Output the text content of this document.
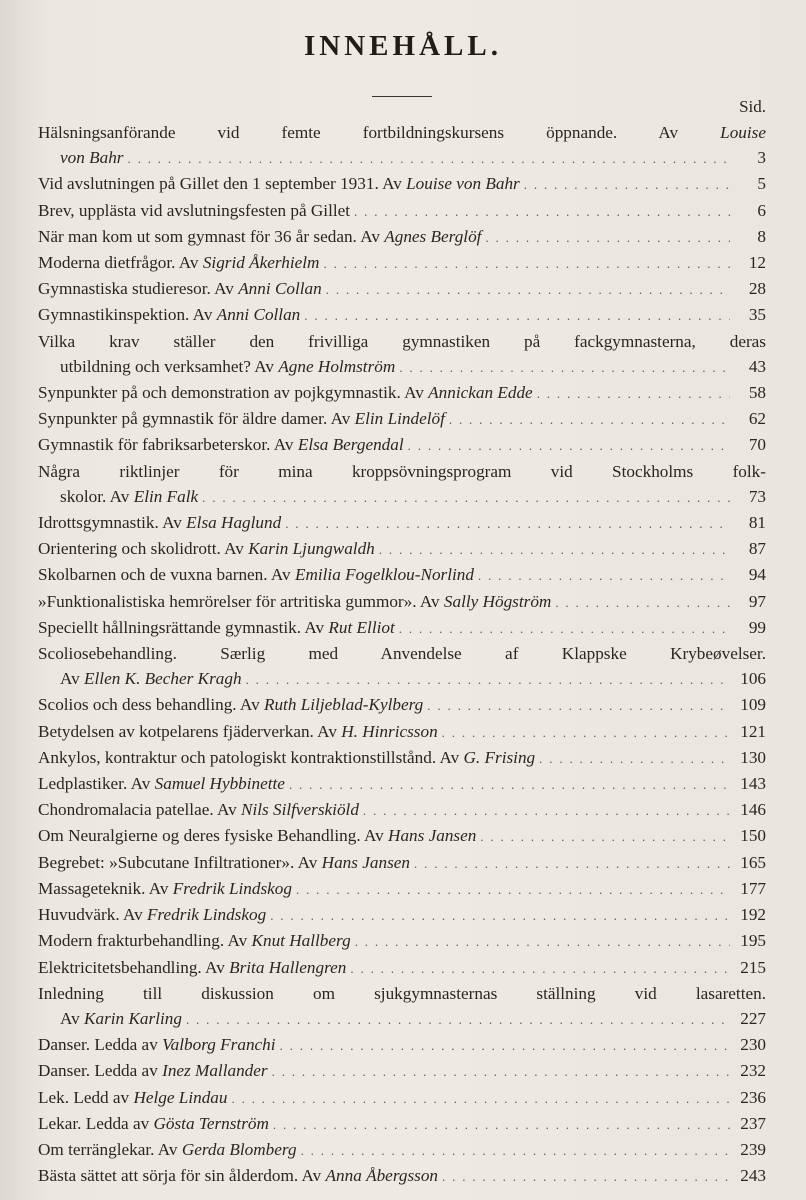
INNEHÅLL.
Sid.
Hälsningsanförande vid femte fortbildningskursens öppnande. Av Louise
von Bahr . . .	3
Vid avslutningen på Gillet den 1 september 1931. Av Louise von Bahr . . .	5
Brev, upplästa vid avslutningsfesten på Gillet . . .	6
När man kom ut som gymnast för 36 år sedan. Av Agnes Berglöf . . .	8
Moderna dietfrågor. Av Sigrid Åkerhielm . . .	12
Gymnastiska studieresor. Av Anni Collan . . .	28
Gymnastikinspektion. Av Anni Collan . . .	35
Vilka krav ställer den frivilliga gymnastiken på fackgymnasterna, deras
utbildning och verksamhet? Av Agne Holmström . . .	43
Synpunkter på och demonstration av pojkgymnastik. Av Annickan Edde . . .	58
Synpunkter på gymnastik för äldre damer. Av Elin Lindelöf . . .	62
Gymnastik för fabriksarbeterskor. Av Elsa Bergendal . . .	70
Några riktlinjer för mina kroppsövningsprogram vid Stockholms folk-
skolor. Av Elin Falk . . .	73
Idrottsgymnastik. Av Elsa Haglund . . .	81
Orientering och skolidrott. Av Karin Ljungwaldh . . .	87
Skolbarnen och de vuxna barnen. Av Emilia Fogelklou-Norlind . . .	94
»Funktionalistiska hemrörelser för artritiska gummor». Av Sally Högström . . .	97
Speciellt hållningsrättande gymnastik. Av Rut Elliot . . .	99
Scoliosebehandling. Særlig med Anvendelse af Klappske Krybeøvelser.
Av Ellen K. Becher Kragh . . .	106
Scolios och dess behandling. Av Ruth Liljeblad-Kylberg . . .	109
Betydelsen av kotpelarens fjäderverkan. Av H. Hinricsson . . .	121
Ankylos, kontraktur och patologiskt kontraktionstillstånd. Av G. Frising . . .	130
Ledplastiker. Av Samuel Hybbinette . . .	143
Chondromalacia patellae. Av Nils Silfverskiöld . . .	146
Om Neuralgierne og deres fysiske Behandling. Av Hans Jansen . . .	150
Begrebet: »Subcutane Infiltrationer». Av Hans Jansen . . .	165
Massageteknik. Av Fredrik Lindskog . . .	177
Huvudvärk. Av Fredrik Lindskog . . .	192
Modern frakturbehandling. Av Knut Hallberg . . .	195
Elektricitetsbehandling. Av Brita Hallengren . . .	215
Inledning till diskussion om sjukgymnasternas ställning vid lasaretten.
Av Karin Karling . . .	227
Danser. Ledda av Valborg Franchi . . .	230
Danser. Ledda av Inez Mallander . . .	232
Lek. Ledd av Helge Lindau . . .	236
Lekar. Ledda av Gösta Ternström . . .	237
Om terränglekar. Av Gerda Blomberg . . .	239
Bästa sättet att sörja för sin ålderdom. Av Anna Åbergsson . . .	243
